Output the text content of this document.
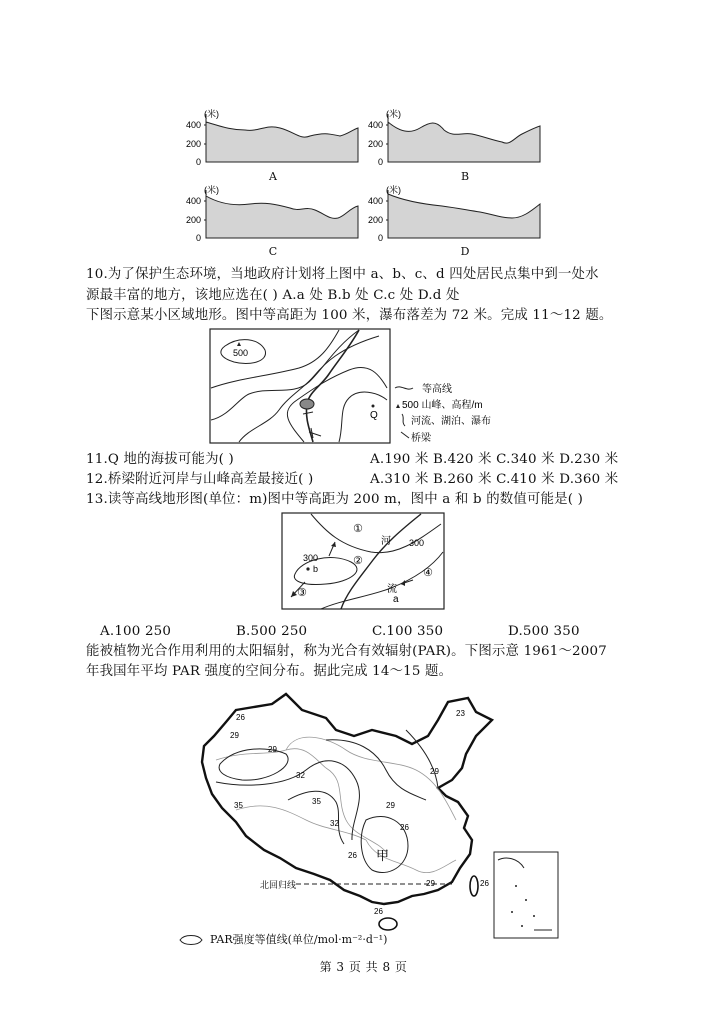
(米)
400
200
0
A
(米)
400
200
0
B
(米)
400
200
0
C
(米)
400
200
0
D
10.为了保护生态环境，当地政府计划将上图中 a、b、c、d 四处居民点集中到一处水
源最丰富的地方，该地应选在( ) A.a 处 B.b 处 C.c 处 D.d 处
下图示意某小区域地形。图中等高距为 100 米，瀑布落差为 72 米。完成 11～12 题。
500
Q
等高线
500 山峰、高程/m
河流、湖泊、瀑布
桥梁
11.Q 地的海拔可能为( )	A.190 米 B.420 米 C.340 米 D.230 米
12.桥梁附近河岸与山峰高差最接近( )	A.310 米 B.260 米 C.410 米 D.360 米
13.读等高线地形图(单位：m)图中等高距为 200 m，图中 a 和 b 的数值可能是( )
300
b
300
河
流
a
①
②
③
④
A.100 250	B.500 250	C.100 350	D.500 350
能被植物光合作用利用的太阳辐射，称为光合有效辐射(PAR)。下图示意 1961～2007
年我国年平均 PAR 强度的空间分布。据此完成 14～15 题。
29
26
29
32
35	35
32
29
26
29
26
23
29	26
26
甲
北回归线
PAR强度等值线(单位/mol·m⁻²·d⁻¹)
第 3 页 共 8 页
